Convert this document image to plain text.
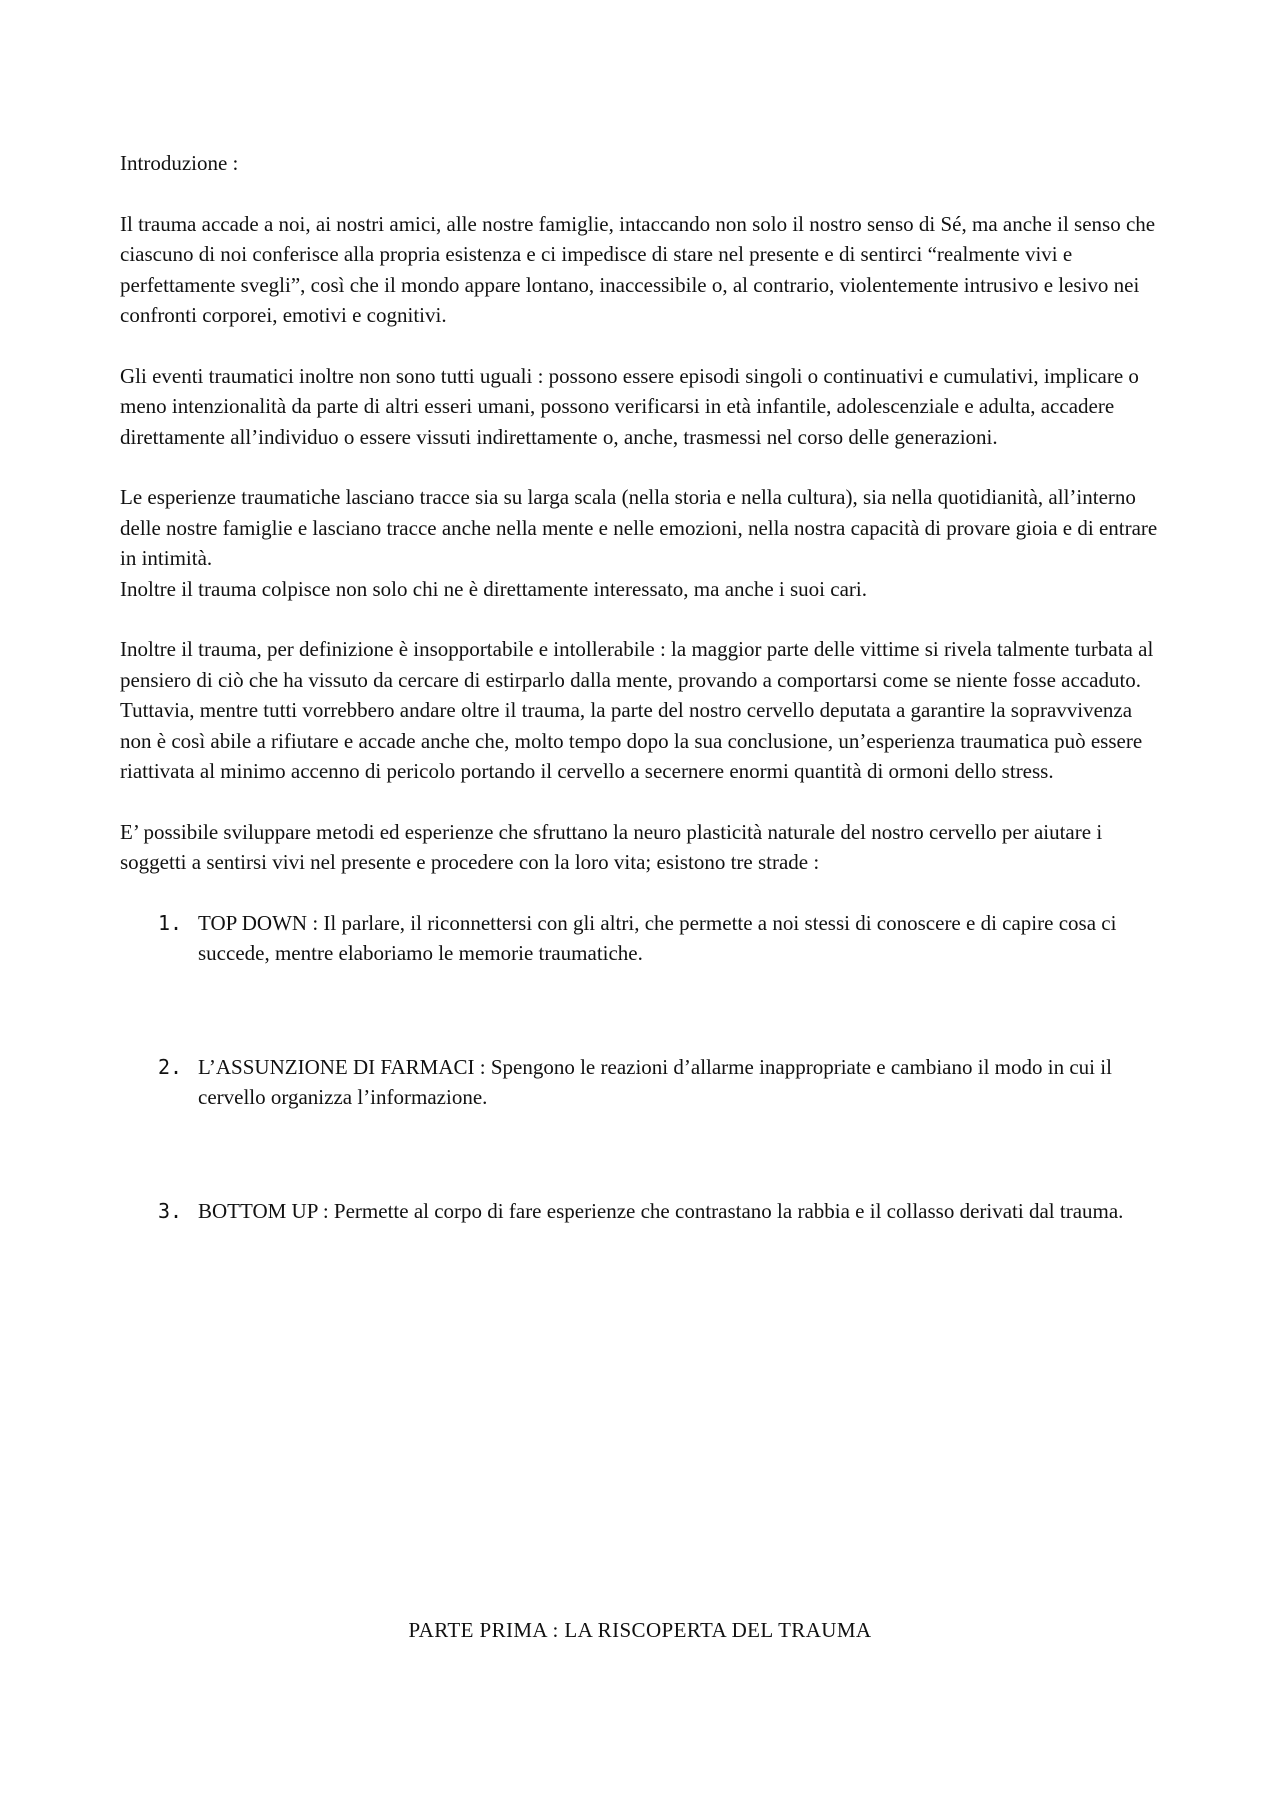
Introduzione :

Il trauma accade a noi, ai nostri amici, alle nostre famiglie, intaccando non solo il nostro senso di Sé, ma anche il senso che ciascuno di noi conferisce alla propria esistenza e ci impedisce di stare nel presente e di sentirci “realmente vivi e perfettamente svegli”, così che il mondo appare lontano, inaccessibile o, al contrario, violentemente intrusivo e lesivo nei confronti corporei, emotivi e cognitivi.

Gli eventi traumatici inoltre non sono tutti uguali : possono essere episodi singoli o continuativi e cumulativi, implicare o meno intenzionalità da parte di altri esseri umani, possono verificarsi in età infantile, adolescenziale e adulta, accadere direttamente all’individuo o essere vissuti indirettamente o, anche, trasmessi nel corso delle generazioni.

Le esperienze traumatiche lasciano tracce sia su larga scala (nella storia e nella cultura), sia nella quotidianità, all’interno delle nostre famiglie e lasciano tracce anche nella mente e nelle emozioni, nella nostra capacità di provare gioia e di entrare in intimità.

Inoltre il trauma colpisce non solo chi ne è direttamente interessato, ma anche i suoi cari.

Inoltre il trauma, per definizione è insopportabile e intollerabile : la maggior parte delle vittime si rivela talmente turbata al pensiero di ciò che ha vissuto da cercare di estirparlo dalla mente, provando a comportarsi come se niente fosse accaduto.

Tuttavia, mentre tutti vorrebbero andare oltre il trauma, la parte del nostro cervello deputata a garantire la sopravvivenza non è così abile a rifiutare e accade anche che, molto tempo dopo la sua conclusione, un’esperienza traumatica può essere riattivata al minimo accenno di pericolo portando il cervello a secernere enormi quantità di ormoni dello stress.

E’ possibile sviluppare metodi ed esperienze che sfruttano la neuro plasticità naturale del nostro cervello per aiutare i soggetti a sentirsi vivi nel presente e procedere con la loro vita; esistono tre strade :

1. TOP DOWN : Il parlare, il riconnettersi con gli altri, che permette a noi stessi di conoscere e di capire cosa ci succede, mentre elaboriamo le memorie traumatiche.
2. L’ASSUNZIONE DI FARMACI : Spengono le reazioni d’allarme inappropriate e cambiano il modo in cui il cervello organizza l’informazione.
3. BOTTOM UP : Permette al corpo di fare esperienze che contrastano la rabbia e il collasso derivati dal trauma.
PARTE PRIMA : LA RISCOPERTA DEL TRAUMA
